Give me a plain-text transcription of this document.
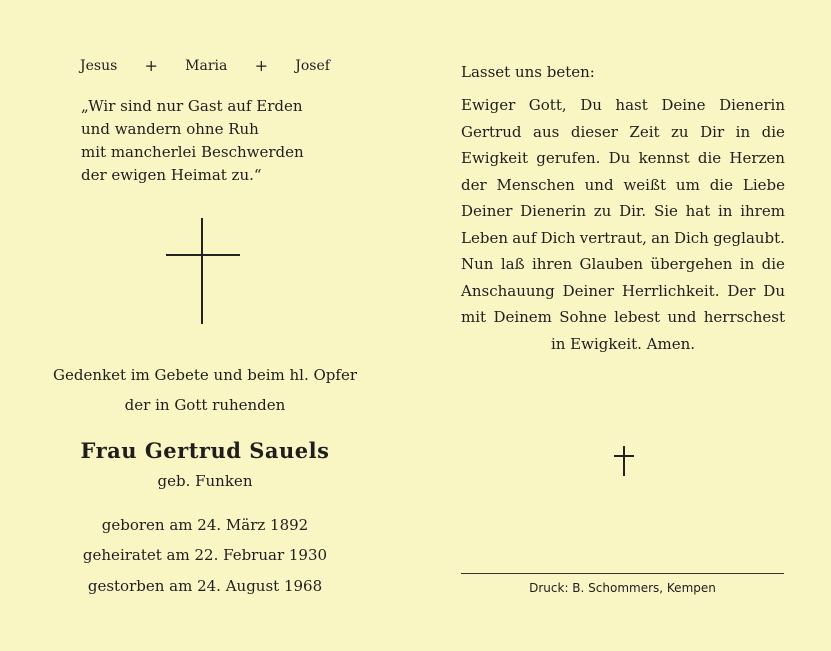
Jesus + Maria + Josef
„Wir sind nur Gast auf Erden
und wandern ohne Ruh
mit mancherlei Beschwerden
der ewigen Heimat zu.“
Gedenket im Gebete und beim hl. Opfer
der in Gott ruhenden
Frau Gertrud Sauels
geb. Funken
geboren am 24. März 1892
geheiratet am 22. Februar 1930
gestorben am 24. August 1968
Lasset uns beten:
Ewiger Gott, Du hast Deine Dienerin
Gertrud aus dieser Zeit zu Dir in die
Ewigkeit gerufen. Du kennst die Herzen
der Menschen und weißt um die Liebe
Deiner Dienerin zu Dir. Sie hat in ihrem
Leben auf Dich vertraut, an Dich geglaubt.
Nun laß ihren Glauben übergehen in die
Anschauung Deiner Herrlichkeit. Der Du
mit Deinem Sohne lebest und herrschest
in Ewigkeit. Amen.
Druck: B. Schommers, Kempen
